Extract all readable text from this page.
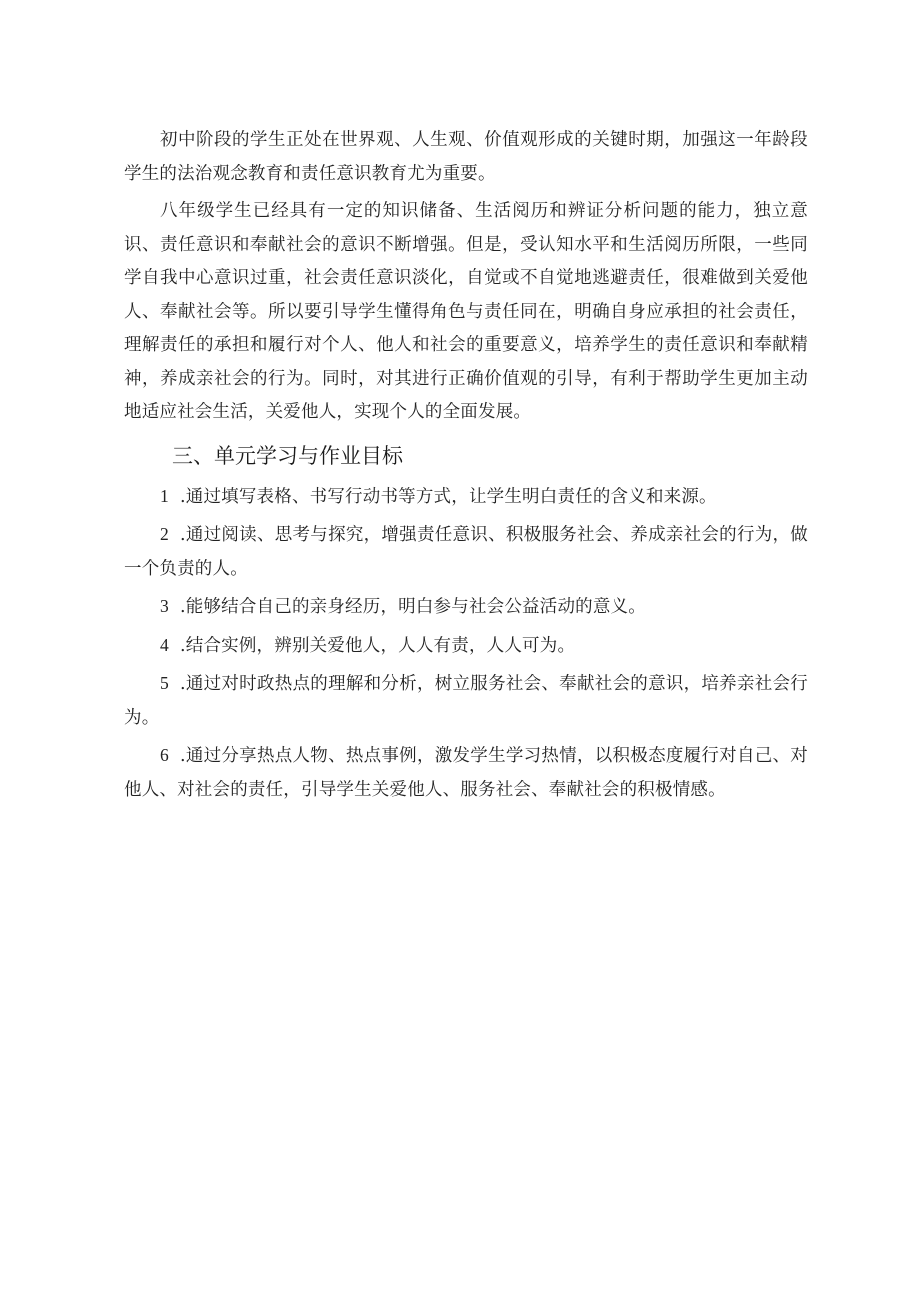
初中阶段的学生正处在世界观、人生观、价值观形成的关键时期，加强这一年龄段学生的法治观念教育和责任意识教育尤为重要。

八年级学生已经具有一定的知识储备、生活阅历和辨证分析问题的能力，独立意识、责任意识和奉献社会的意识不断增强。但是，受认知水平和生活阅历所限，一些同学自我中心意识过重，社会责任意识淡化，自觉或不自觉地逃避责任，很难做到关爱他人、奉献社会等。所以要引导学生懂得角色与责任同在，明确自身应承担的社会责任，理解责任的承担和履行对个人、他人和社会的重要意义，培养学生的责任意识和奉献精神，养成亲社会的行为。同时，对其进行正确价值观的引导，有利于帮助学生更加主动地适应社会生活，关爱他人，实现个人的全面发展。

三、单元学习与作业目标

1 .通过填写表格、书写行动书等方式，让学生明白责任的含义和来源。

2 .通过阅读、思考与探究，增强责任意识、积极服务社会、养成亲社会的行为，做一个负责的人。

3 .能够结合自己的亲身经历，明白参与社会公益活动的意义。

4 .结合实例，辨别关爱他人，人人有责，人人可为。

5 .通过对时政热点的理解和分析，树立服务社会、奉献社会的意识，培养亲社会行为。

6 .通过分享热点人物、热点事例，激发学生学习热情，以积极态度履行对自己、对他人、对社会的责任，引导学生关爱他人、服务社会、奉献社会的积极情感。
